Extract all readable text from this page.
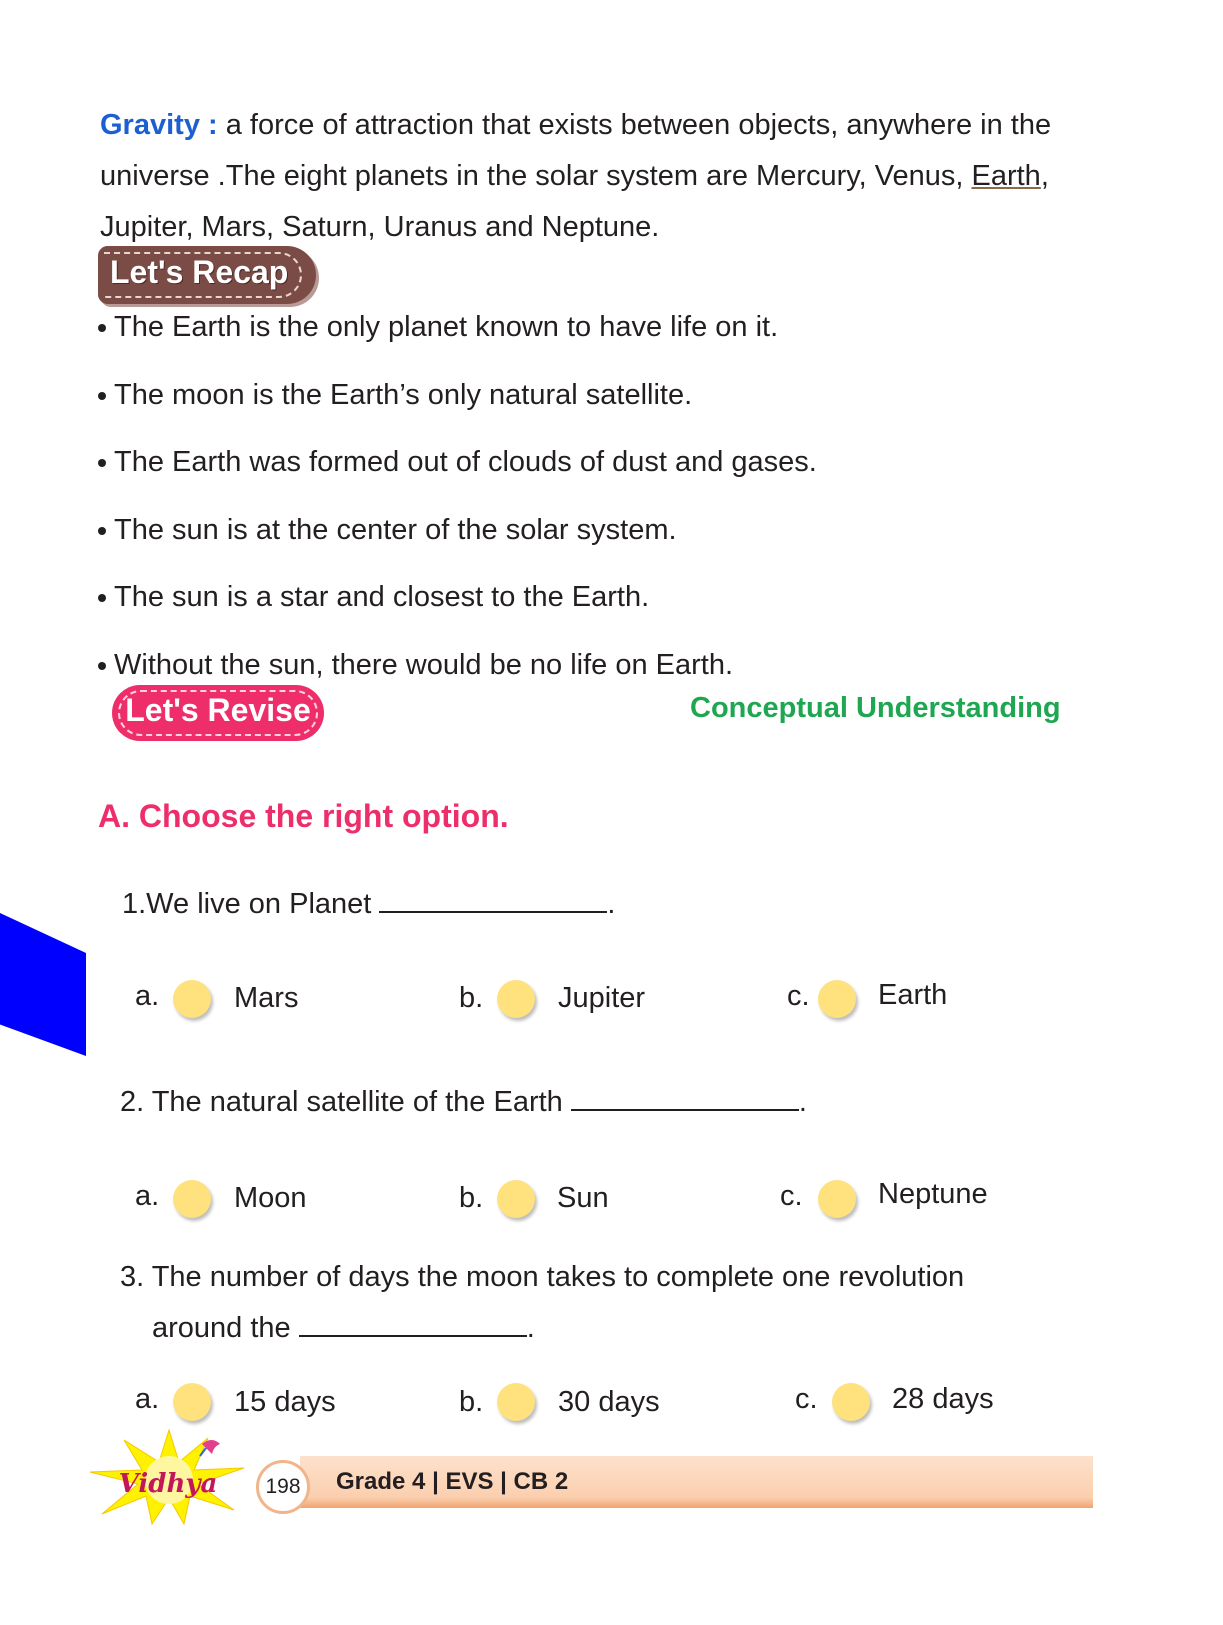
Gravity : a force of attraction that exists between objects, anywhere in the universe .The eight planets in the solar system are Mercury, Venus, Earth, Jupiter, Mars, Saturn, Uranus and Neptune.
Let's Recap
The Earth is the only planet known to have life on it.
The moon is the Earth’s only natural satellite.
The Earth was formed out of clouds of dust and gases.
The sun is at the center of the solar system.
The sun is a star and closest to the Earth.
Without the sun, there would be no life on Earth.
Let's Revise	Conceptual Understanding
A. Choose the right option.
1.We live on Planet	.
a.	Mars	b.	Jupiter	c. Earth
2. The natural satellite of the Earth	.
a.	Moon	b.	Sun	c.	Neptune
3. The number of days the moon takes to complete one revolution
around the	.
a.	15 days	b.	30 days	c.	28 days
198	Grade 4 | EVS | CB 2
Vidhya
